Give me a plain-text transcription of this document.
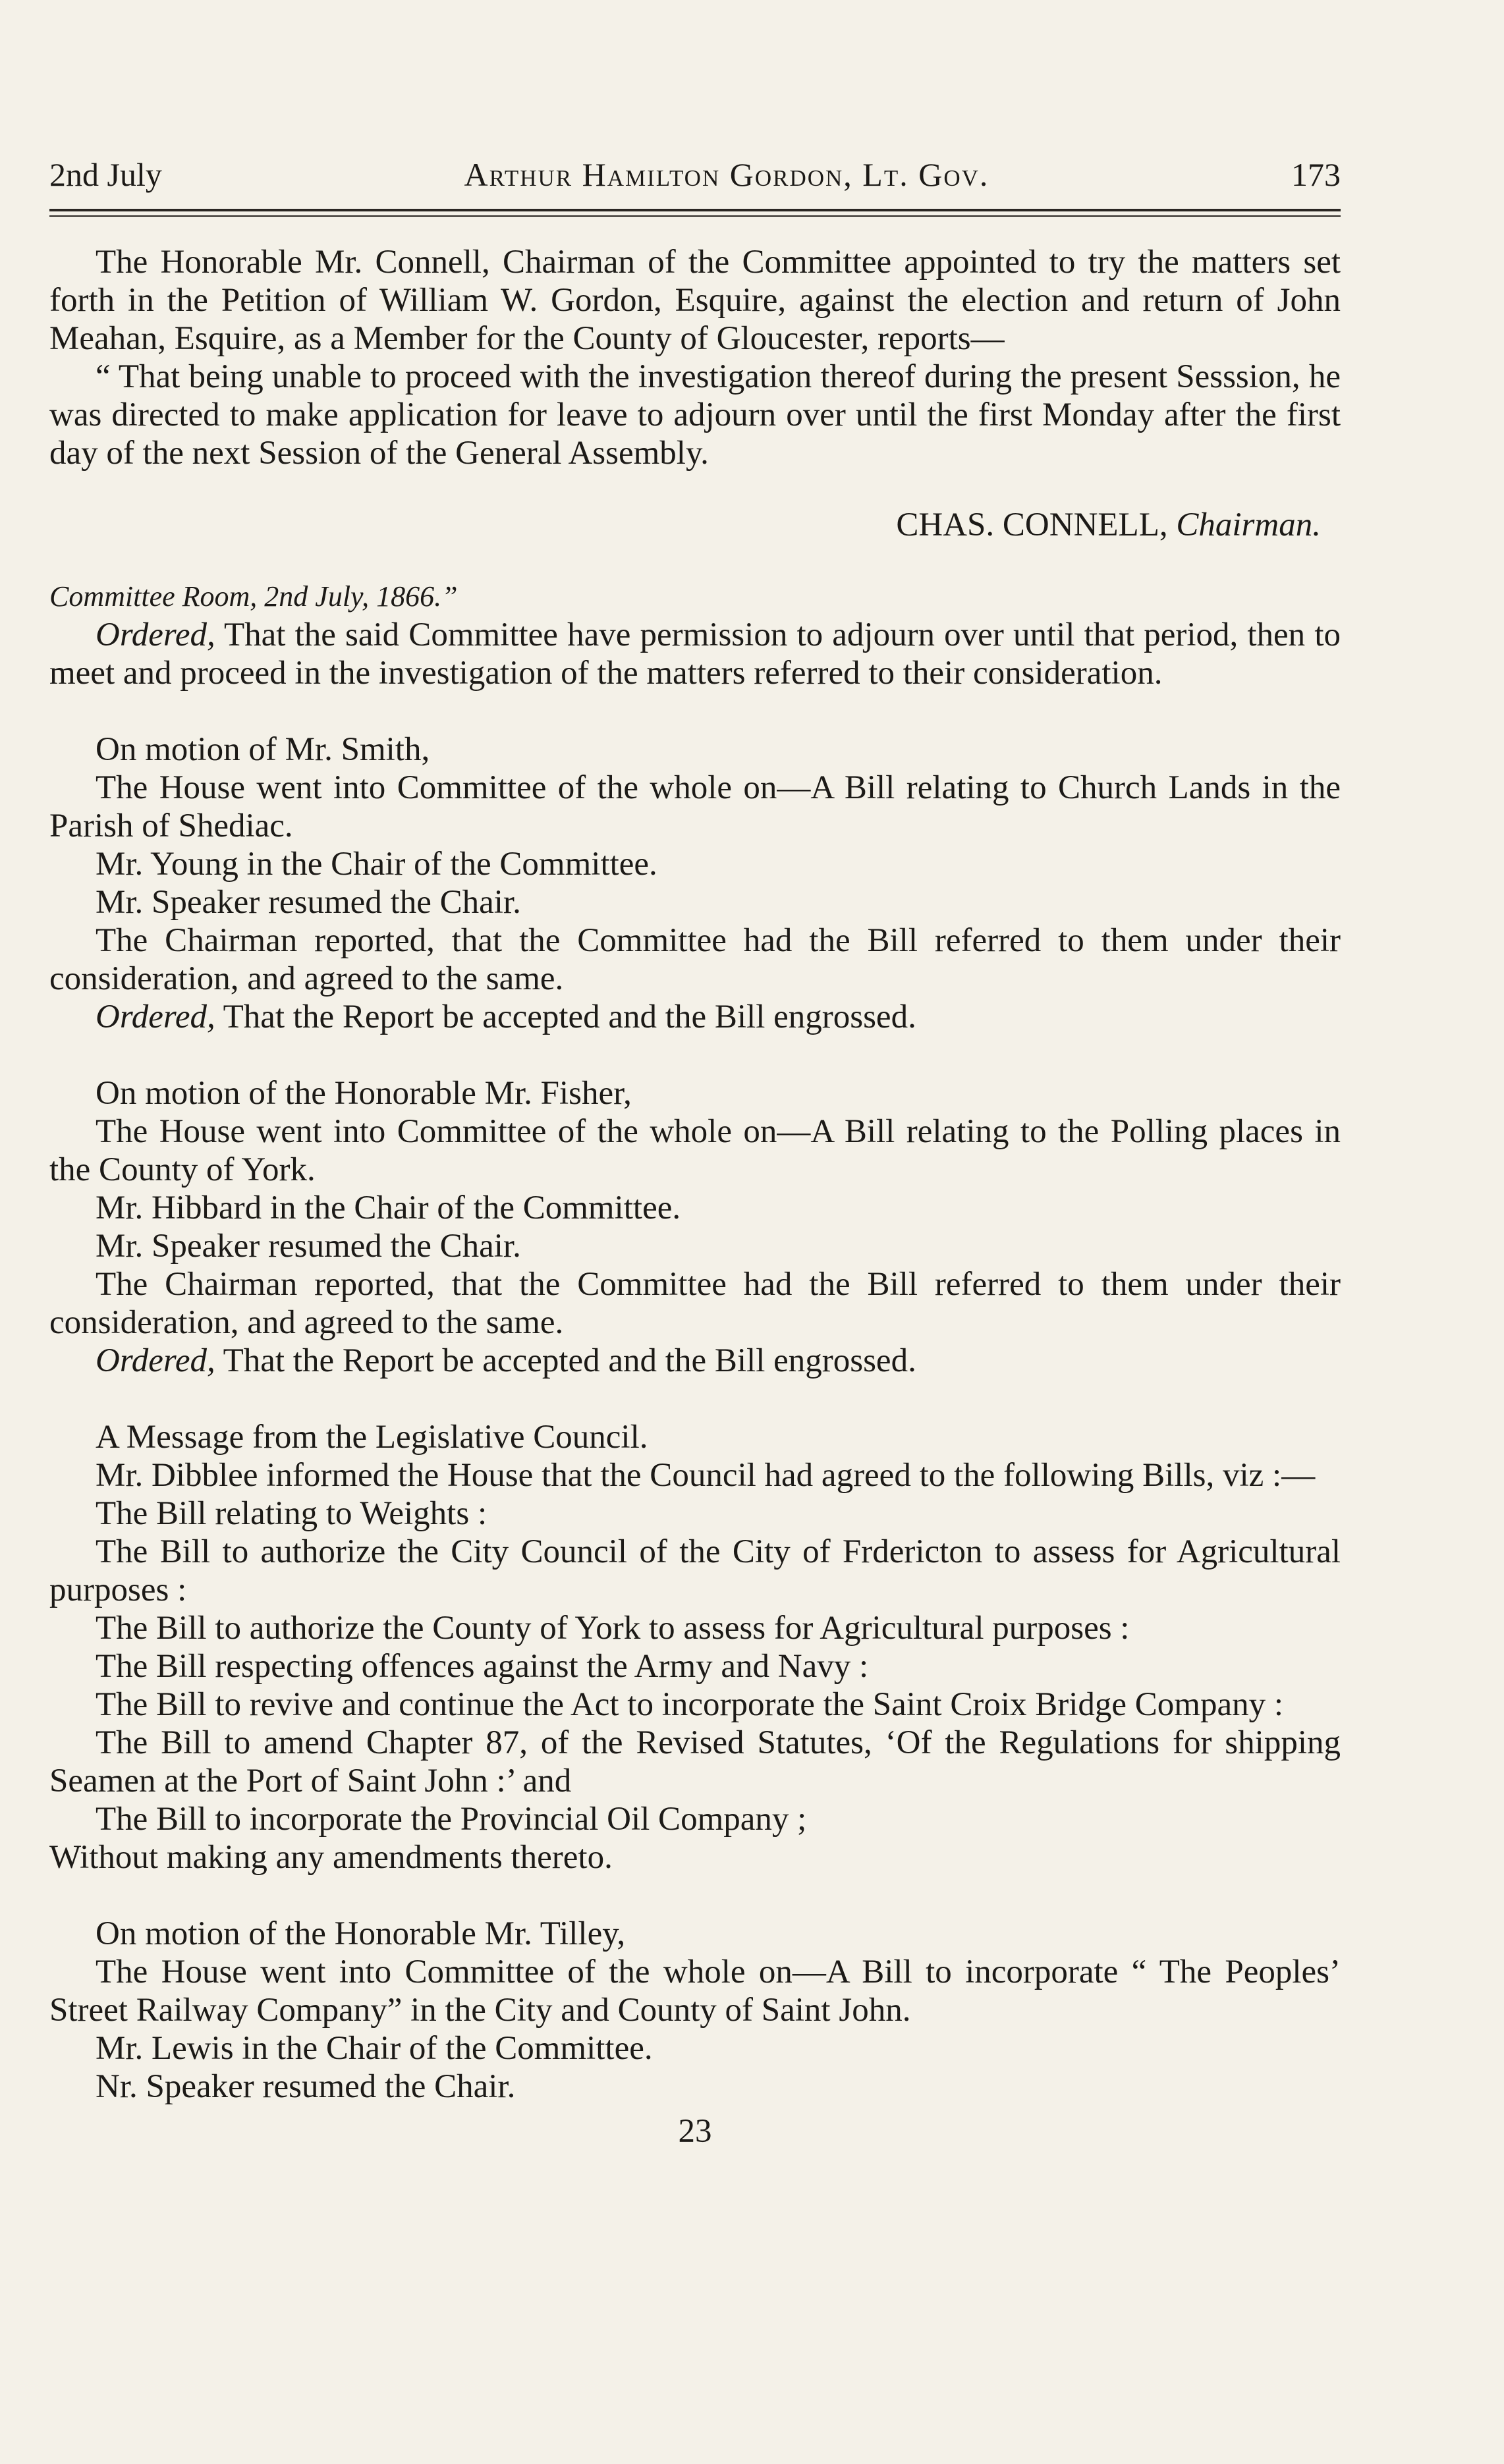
2nd July	Arthur Hamilton Gordon, Lt. Gov.	173

The Honorable Mr. Connell, Chairman of the Committee appointed to try the matters set forth in the Petition of William W. Gordon, Esquire, against the election and return of John Meahan, Esquire, as a Member for the County of Gloucester, reports—

“ That being unable to proceed with the investigation thereof during the present Sesssion, he was directed to make application for leave to adjourn over until the first Monday after the first day of the next Session of the General Assembly.

CHAS. CONNELL, Chairman.

Committee Room, 2nd July, 1866.”

Ordered, That the said Committee have permission to adjourn over until that period, then to meet and proceed in the investigation of the matters referred to their consideration.

On motion of Mr. Smith,

The House went into Committee of the whole on—A Bill relating to Church Lands in the Parish of Shediac.

Mr. Young in the Chair of the Committee.

Mr. Speaker resumed the Chair.

The Chairman reported, that the Committee had the Bill referred to them under their consideration, and agreed to the same.

Ordered, That the Report be accepted and the Bill engrossed.

On motion of the Honorable Mr. Fisher,

The House went into Committee of the whole on—A Bill relating to the Polling places in the County of York.

Mr. Hibbard in the Chair of the Committee.

Mr. Speaker resumed the Chair.

The Chairman reported, that the Committee had the Bill referred to them under their consideration, and agreed to the same.

Ordered, That the Report be accepted and the Bill engrossed.

A Message from the Legislative Council.

Mr. Dibblee informed the House that the Council had agreed to the following Bills, viz :—

The Bill relating to Weights :

The Bill to authorize the City Council of the City of Frdericton to assess for Agricultural purposes :

The Bill to authorize the County of York to assess for Agricultural purposes :

The Bill respecting offences against the Army and Navy :

The Bill to revive and continue the Act to incorporate the Saint Croix Bridge Company :

The Bill to amend Chapter 87, of the Revised Statutes, ‘Of the Regulations for shipping Seamen at the Port of Saint John :’ and

The Bill to incorporate the Provincial Oil Company ;

Without making any amendments thereto.

On motion of the Honorable Mr. Tilley,

The House went into Committee of the whole on—A Bill to incorporate “ The Peoples’ Street Railway Company” in the City and County of Saint John.

Mr. Lewis in the Chair of the Committee.

Nr. Speaker resumed the Chair.

23
